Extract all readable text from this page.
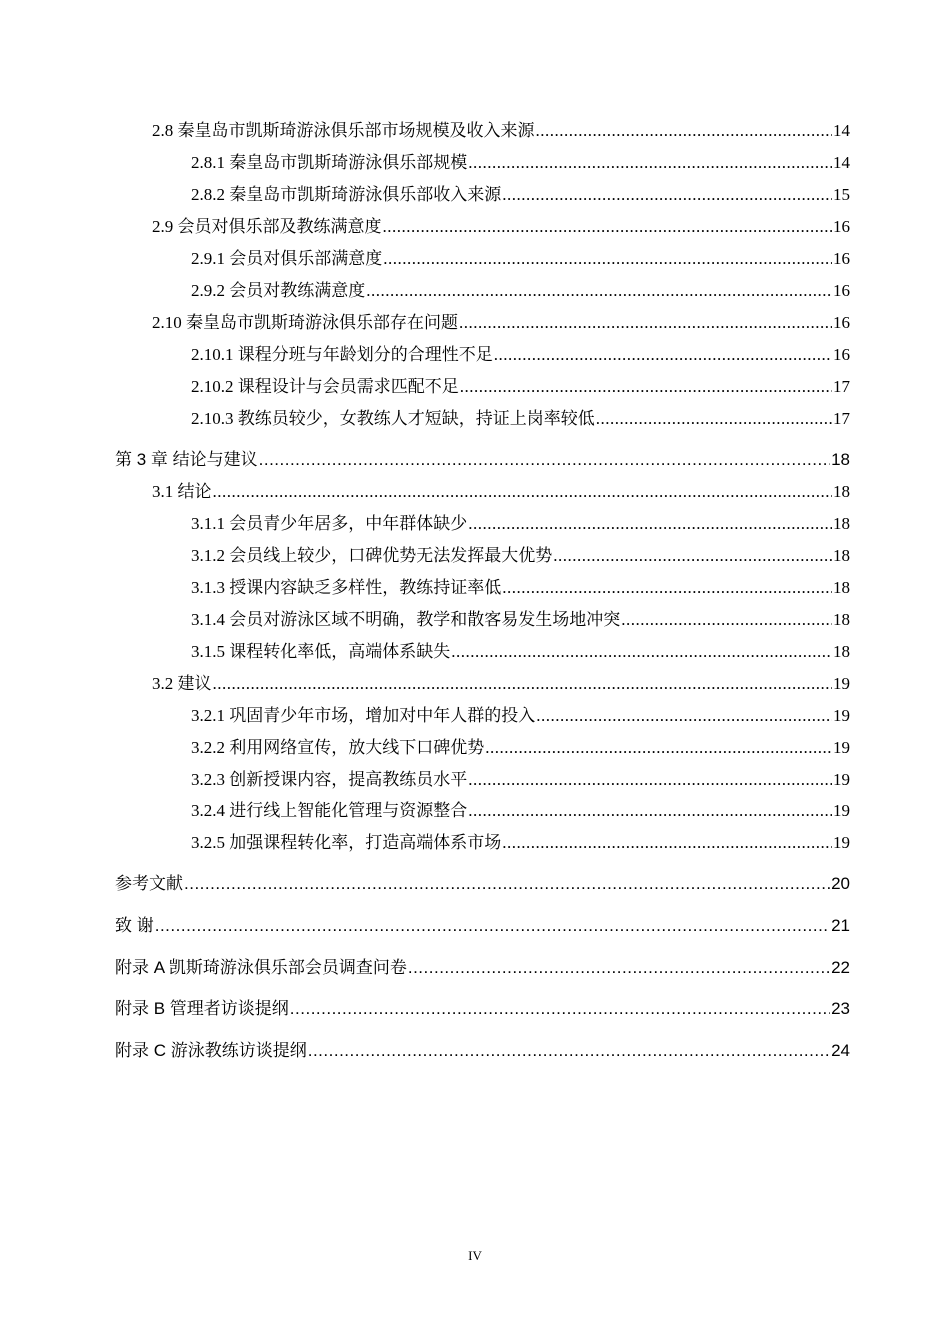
2.8 秦皇岛市凯斯琦游泳俱乐部市场规模及收入来源 .....	14
2.8.1 秦皇岛市凯斯琦游泳俱乐部规模 .....	14
2.8.2 秦皇岛市凯斯琦游泳俱乐部收入来源 .....	15
2.9 会员对俱乐部及教练满意度 .....	16
2.9.1 会员对俱乐部满意度 .....	16
2.9.2 会员对教练满意度 .....	16
2.10 秦皇岛市凯斯琦游泳俱乐部存在问题 .....	16
2.10.1 课程分班与年龄划分的合理性不足 .....	16
2.10.2 课程设计与会员需求匹配不足 .....	17
2.10.3 教练员较少，女教练人才短缺，持证上岗率较低 .....	17
第 3 章 结论与建议 .....	18
3.1 结论 .....	18
3.1.1 会员青少年居多，中年群体缺少 .....	18
3.1.2 会员线上较少，口碑优势无法发挥最大优势 .....	18
3.1.3 授课内容缺乏多样性，教练持证率低 .....	18
3.1.4 会员对游泳区域不明确，教学和散客易发生场地冲突 .....	18
3.1.5 课程转化率低，高端体系缺失 .....	18
3.2 建议 .....	19
3.2.1 巩固青少年市场，增加对中年人群的投入 .....	19
3.2.2 利用网络宣传，放大线下口碑优势 .....	19
3.2.3 创新授课内容，提高教练员水平 .....	19
3.2.4 进行线上智能化管理与资源整合 .....	19
3.2.5 加强课程转化率，打造高端体系市场 .....	19
参考文献 .....	20
致 谢 .....	21
附录 A 凯斯琦游泳俱乐部会员调查问卷 .....	22
附录 B 管理者访谈提纲 .....	23
附录 C 游泳教练访谈提纲 .....	24
IV
